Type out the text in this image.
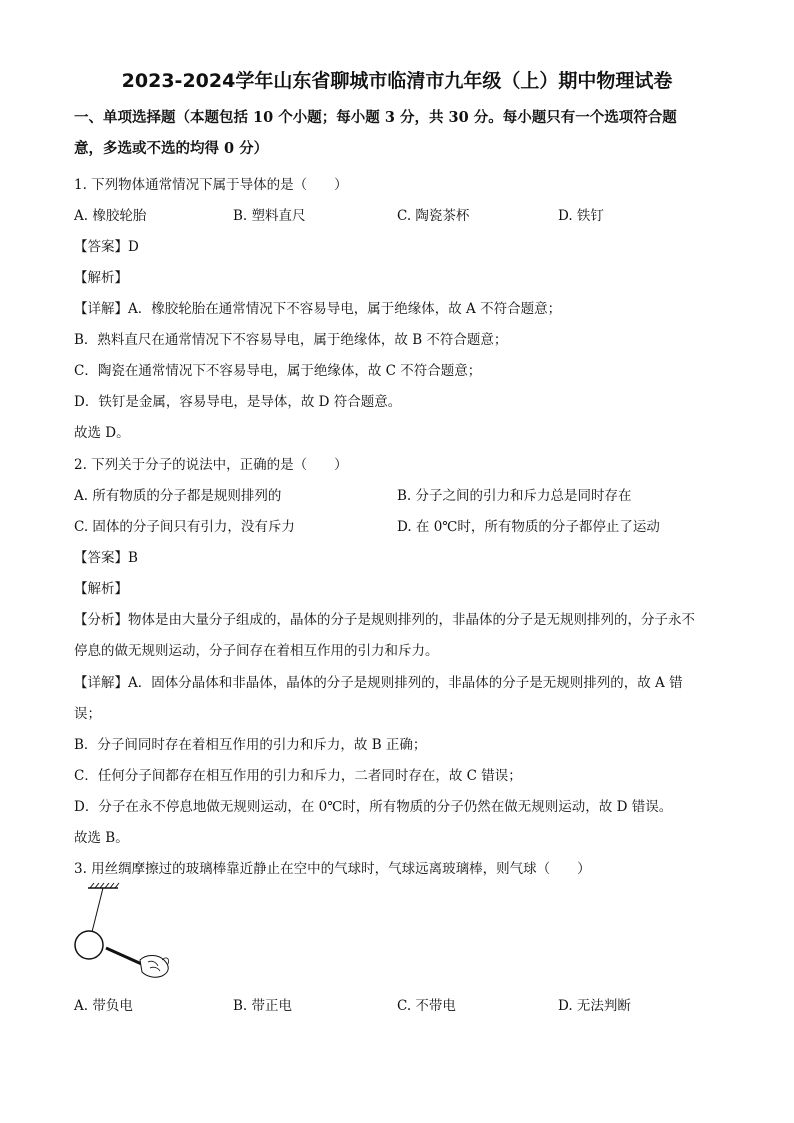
2023-2024学年山东省聊城市临清市九年级（上）期中物理试卷
一、单项选择题（本题包括 10 个小题；每小题 3 分，共 30 分。每小题只有一个选项符合题
意，多选或不选的均得 0 分）
1. 下列物体通常情况下属于导体的是（　　）
A. 橡胶轮胎	B. 塑料直尺	C. 陶瓷茶杯	D. 铁钉
【答案】D
【解析】
【详解】A．橡胶轮胎在通常情况下不容易导电，属于绝缘体，故 A 不符合题意；
B．熟料直尺在通常情况下不容易导电，属于绝缘体，故 B 不符合题意；
C．陶瓷在通常情况下不容易导电，属于绝缘体，故 C 不符合题意；
D．铁钉是金属，容易导电，是导体，故 D 符合题意。
故选 D。
2. 下列关于分子的说法中，正确的是（　　）
A. 所有物质的分子都是规则排列的	B. 分子之间的引力和斥力总是同时存在
C. 固体的分子间只有引力，没有斥力	D. 在 0℃时，所有物质的分子都停止了运动
【答案】B
【解析】
【分析】物体是由大量分子组成的，晶体的分子是规则排列的，非晶体的分子是无规则排列的，分子永不
停息的做无规则运动，分子间存在着相互作用的引力和斥力。
【详解】A．固体分晶体和非晶体，晶体的分子是规则排列的，非晶体的分子是无规则排列的，故 A 错
误；
B．分子间同时存在着相互作用的引力和斥力，故 B 正确；
C．任何分子间都存在相互作用的引力和斥力，二者同时存在，故 C 错误；
D．分子在永不停息地做无规则运动，在 0℃时，所有物质的分子仍然在做无规则运动，故 D 错误。
故选 B。
3. 用丝绸摩擦过的玻璃棒靠近静止在空中的气球时，气球远离玻璃棒，则气球（　　）
A. 带负电	B. 带正电	C. 不带电	D. 无法判断
